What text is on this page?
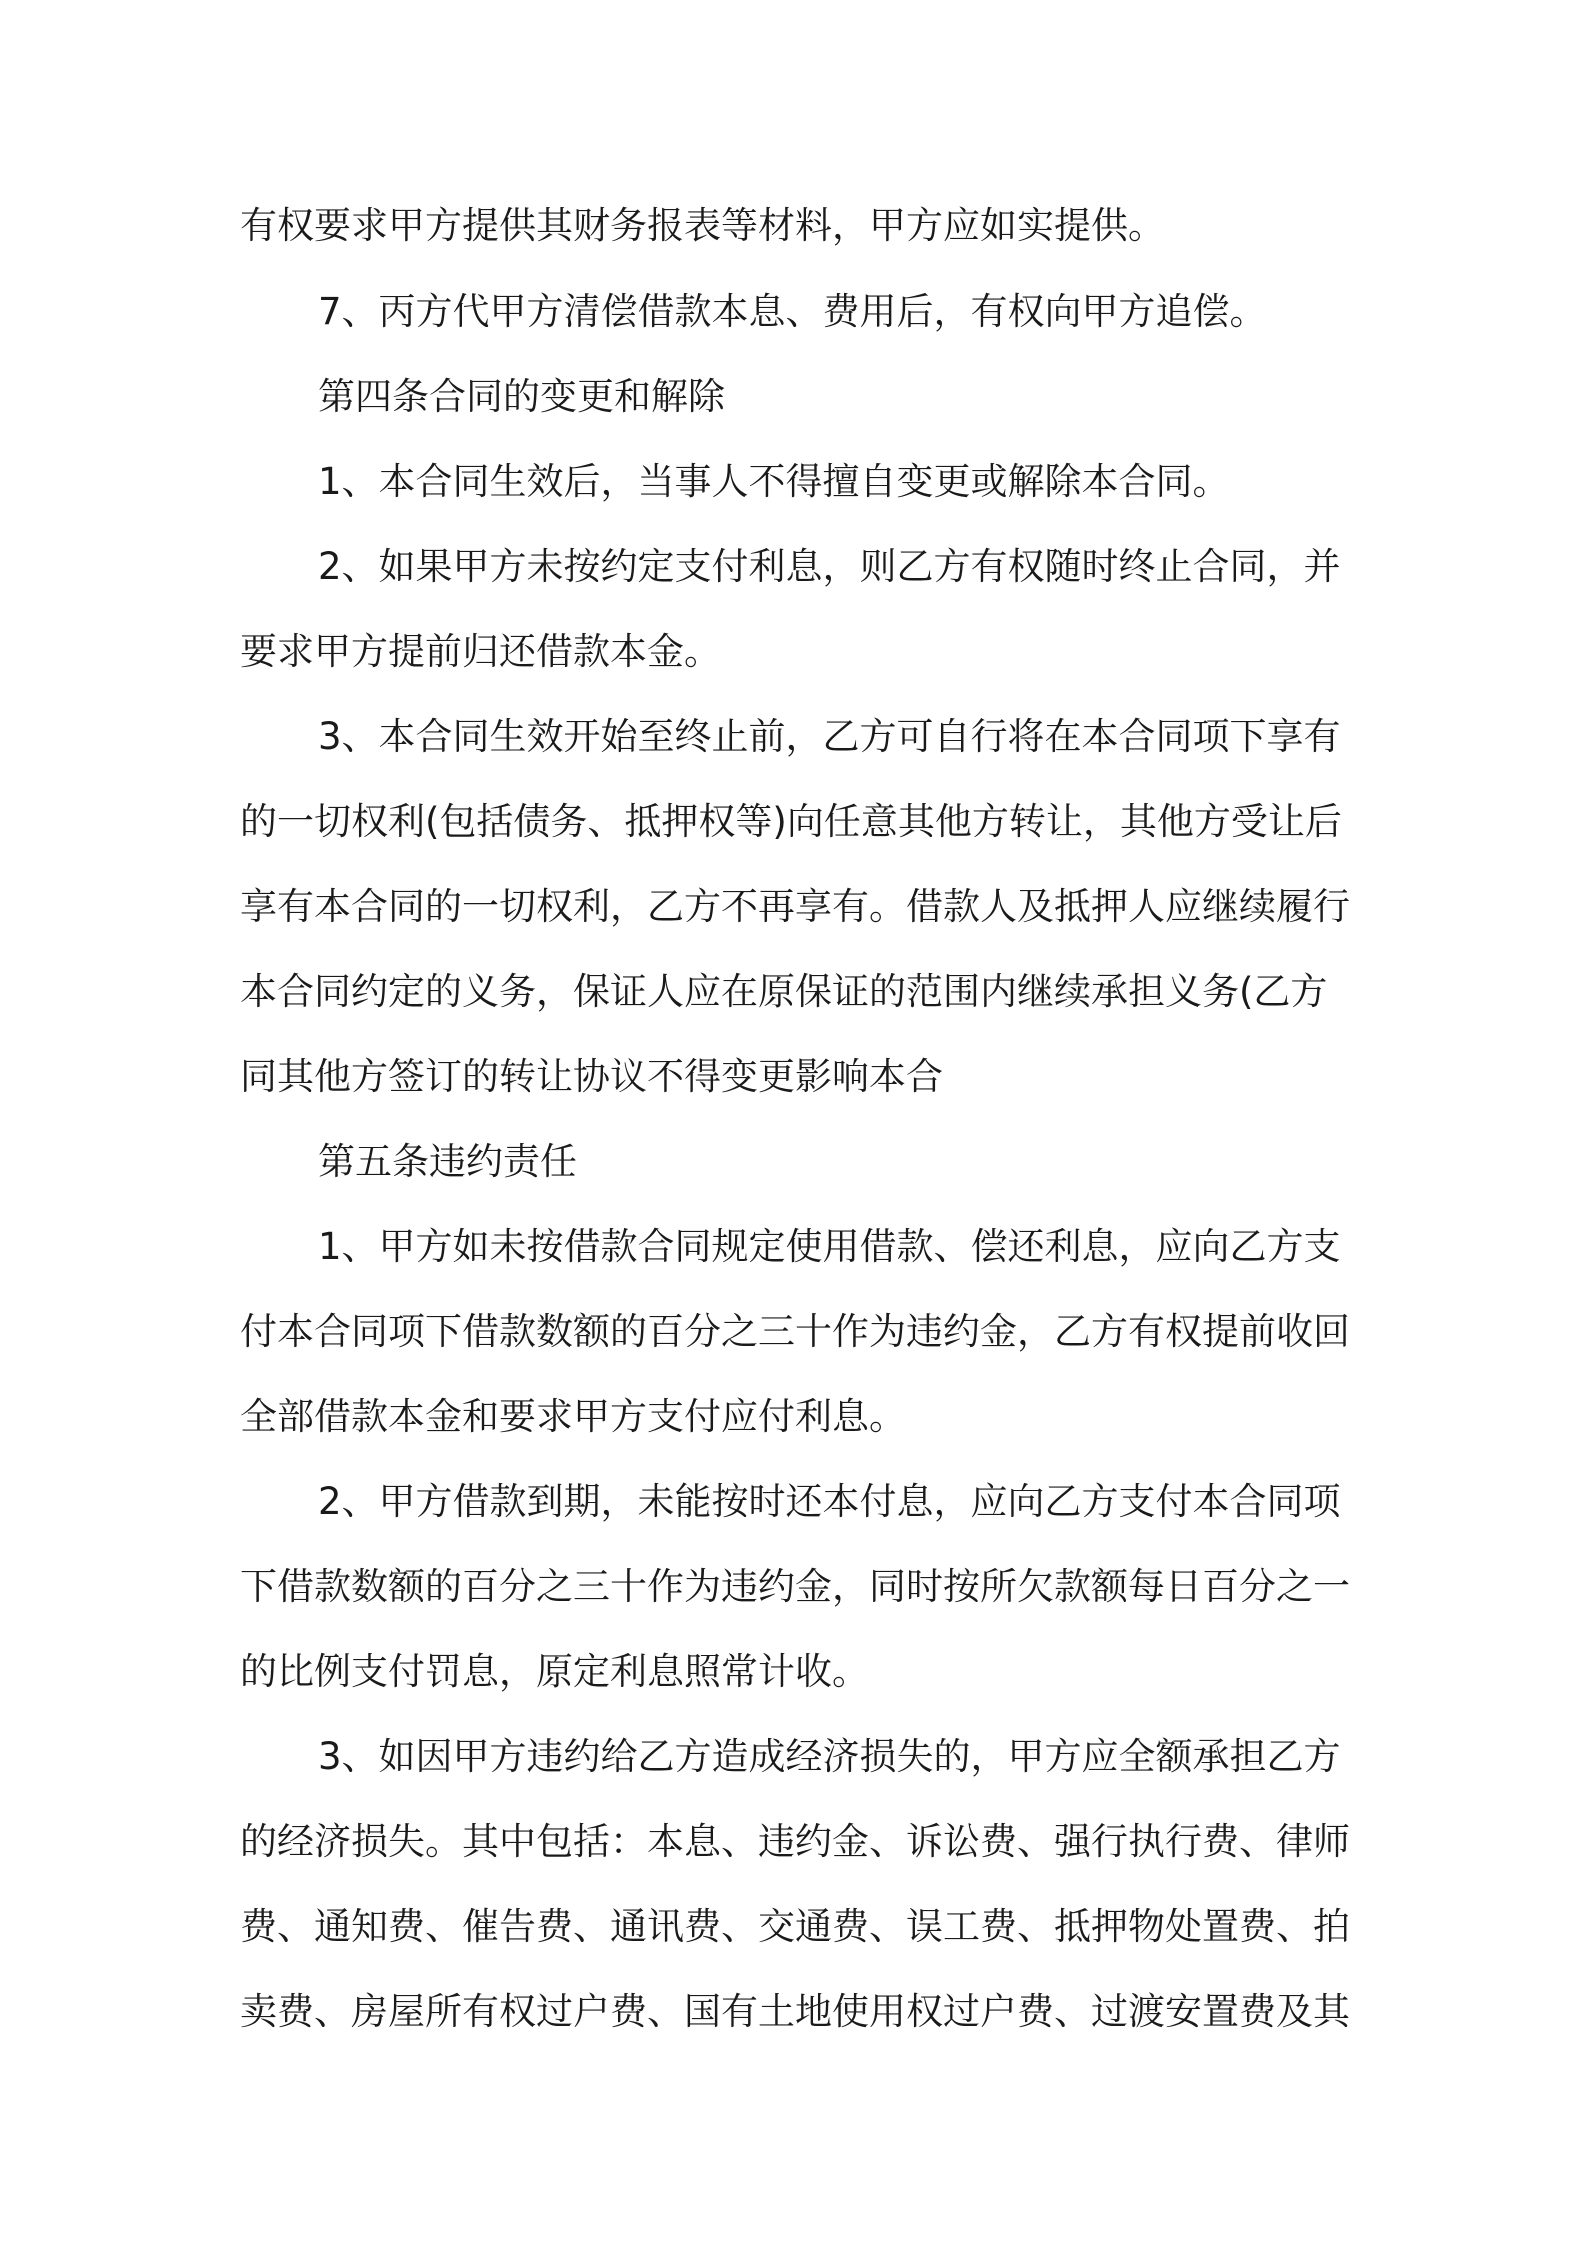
有权要求甲方提供其财务报表等材料，甲方应如实提供。
7、丙方代甲方清偿借款本息、费用后，有权向甲方追偿。
第四条合同的变更和解除
1、本合同生效后，当事人不得擅自变更或解除本合同。
2、如果甲方未按约定支付利息，则乙方有权随时终止合同，并
要求甲方提前归还借款本金。
3、本合同生效开始至终止前，乙方可自行将在本合同项下享有
的一切权利(包括债务、抵押权等)向任意其他方转让，其他方受让后
享有本合同的一切权利，乙方不再享有。借款人及抵押人应继续履行
本合同约定的义务，保证人应在原保证的范围内继续承担义务(乙方
同其他方签订的转让协议不得变更影响本合
第五条违约责任
1、甲方如未按借款合同规定使用借款、偿还利息，应向乙方支
付本合同项下借款数额的百分之三十作为违约金，乙方有权提前收回
全部借款本金和要求甲方支付应付利息。
2、甲方借款到期，未能按时还本付息，应向乙方支付本合同项
下借款数额的百分之三十作为违约金，同时按所欠款额每日百分之一
的比例支付罚息，原定利息照常计收。
3、如因甲方违约给乙方造成经济损失的，甲方应全额承担乙方
的经济损失。其中包括：本息、违约金、诉讼费、强行执行费、律师
费、通知费、催告费、通讯费、交通费、误工费、抵押物处置费、拍
卖费、房屋所有权过户费、国有土地使用权过户费、过渡安置费及其
